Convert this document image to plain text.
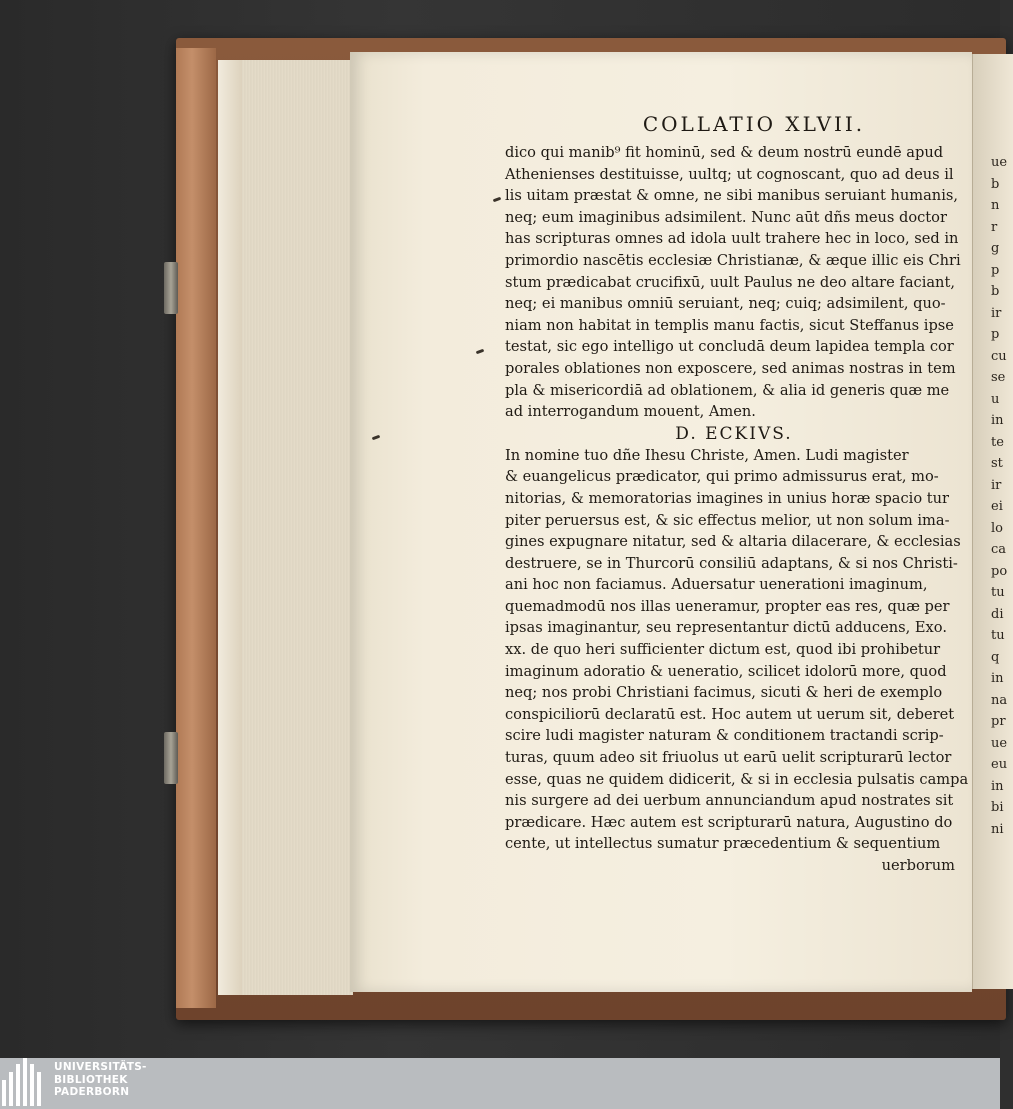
ue
b
n
r
g
p
b
ir
p
cu
se
u
in
te
st
ir
ei
lo
ca
po
tu
di
tu
q
in
na
pr
ue
eu
in
bi
ni
COLLATIO XLVII.
dico qui manib⁹ fit hominū, sed & deum nostrū eundē apud
Athenienses destituisse, uultq; ut cognoscant, quo ad deus il
lis uitam præstat & omne, ne sibi manibus seruiant humanis,
neq; eum imaginibus adsimilent. Nunc aūt dñs meus doctor
has scripturas omnes ad idola uult trahere hec in loco, sed in
primordio nascētis ecclesiæ Christianæ, & æque illic eis Chri
stum prædicabat crucifixū, uult Paulus ne deo altare faciant,
neq; ei manibus omniū seruiant, neq; cuiq; adsimilent, quo-
niam non habitat in templis manu factis, sicut Steffanus ipse
testat, sic ego intelligo ut concludā deum lapidea templa cor
porales oblationes non exposcere, sed animas nostras in tem
pla & misericordiā ad oblationem, & alia id generis quæ me
ad interrogandum mouent, Amen.
D. ECKIVS.
In nomine tuo dñe Ihesu Christe, Amen. Ludi magister
& euangelicus prædicator, qui primo admissurus erat, mo-
nitorias, & memoratorias imagines in unius horæ spacio tur
piter peruersus est, & sic effectus melior, ut non solum ima-
gines expugnare nitatur, sed & altaria dilacerare, & ecclesias
destruere, se in Thurcorū consiliū adaptans, & si nos Christi-
ani hoc non faciamus. Aduersatur uenerationi imaginum,
quemadmodū nos illas ueneramur, propter eas res, quæ per
ipsas imaginantur, seu representantur dictū adducens, Exo.
xx. de quo heri sufficienter dictum est, quod ibi prohibetur
imaginum adoratio & ueneratio, scilicet idolorū more, quod
neq; nos probi Christiani facimus, sicuti & heri de exemplo
conspiciliorū declaratū est. Hoc autem ut uerum sit, deberet
scire ludi magister naturam & conditionem tractandi scrip-
turas, quum adeo sit friuolus ut earū uelit scripturarū lector
esse, quas ne quidem didicerit, & si in ecclesia pulsatis campa
nis surgere ad dei uerbum annunciandum apud nostrates sit
prædicare. Hæc autem est scripturarū natura, Augustino do
cente, ut intellectus sumatur præcedentium & sequentium
uerborum
UNIVERSITÄTS-
BIBLIOTHEK
PADERBORN
